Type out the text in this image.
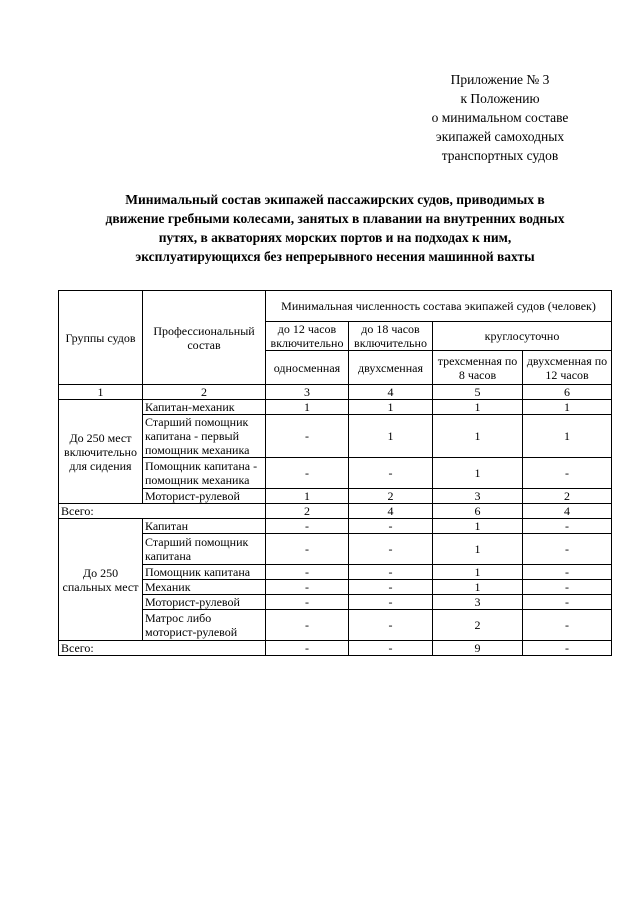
Приложение № 3
к Положению
о минимальном составе
экипажей самоходных
транспортных судов
Минимальный состав экипажей пассажирских судов, приводимых в
движение гребными колесами, занятых в плавании на внутренних водных
путях, в акваториях морских портов и на подходах к ним,
эксплуатирующихся без непрерывного несения машинной вахты
Группы судов	Профессиональный состав	Минимальная численность состава экипажей судов (человек)			
		до 12 часов включительно	до 18 часов включительно	круглосуточно	
		односменная	двухсменная	трехсменная по 8 часов	двухсменная по 12 часов
1	2	3	4	5	6
До 250 мест включительно для сидения	Капитан-механик	1	1	1	1
	Старший помощник капитана - первый помощник механика	-	1	1	1
	Помощник капитана - помощник механика	-	-	1	-
	Моторист-рулевой	1	2	3	2
Всего:		2	4	6	4
До 250 спальных мест	Капитан	-	-	1	-
	Старший помощник капитана	-	-	1	-
	Помощник капитана	-	-	1	-
	Механик	-	-	1	-
	Моторист-рулевой	-	-	3	-
	Матрос либо моторист-рулевой	-	-	2	-
Всего:		-	-	9	-
